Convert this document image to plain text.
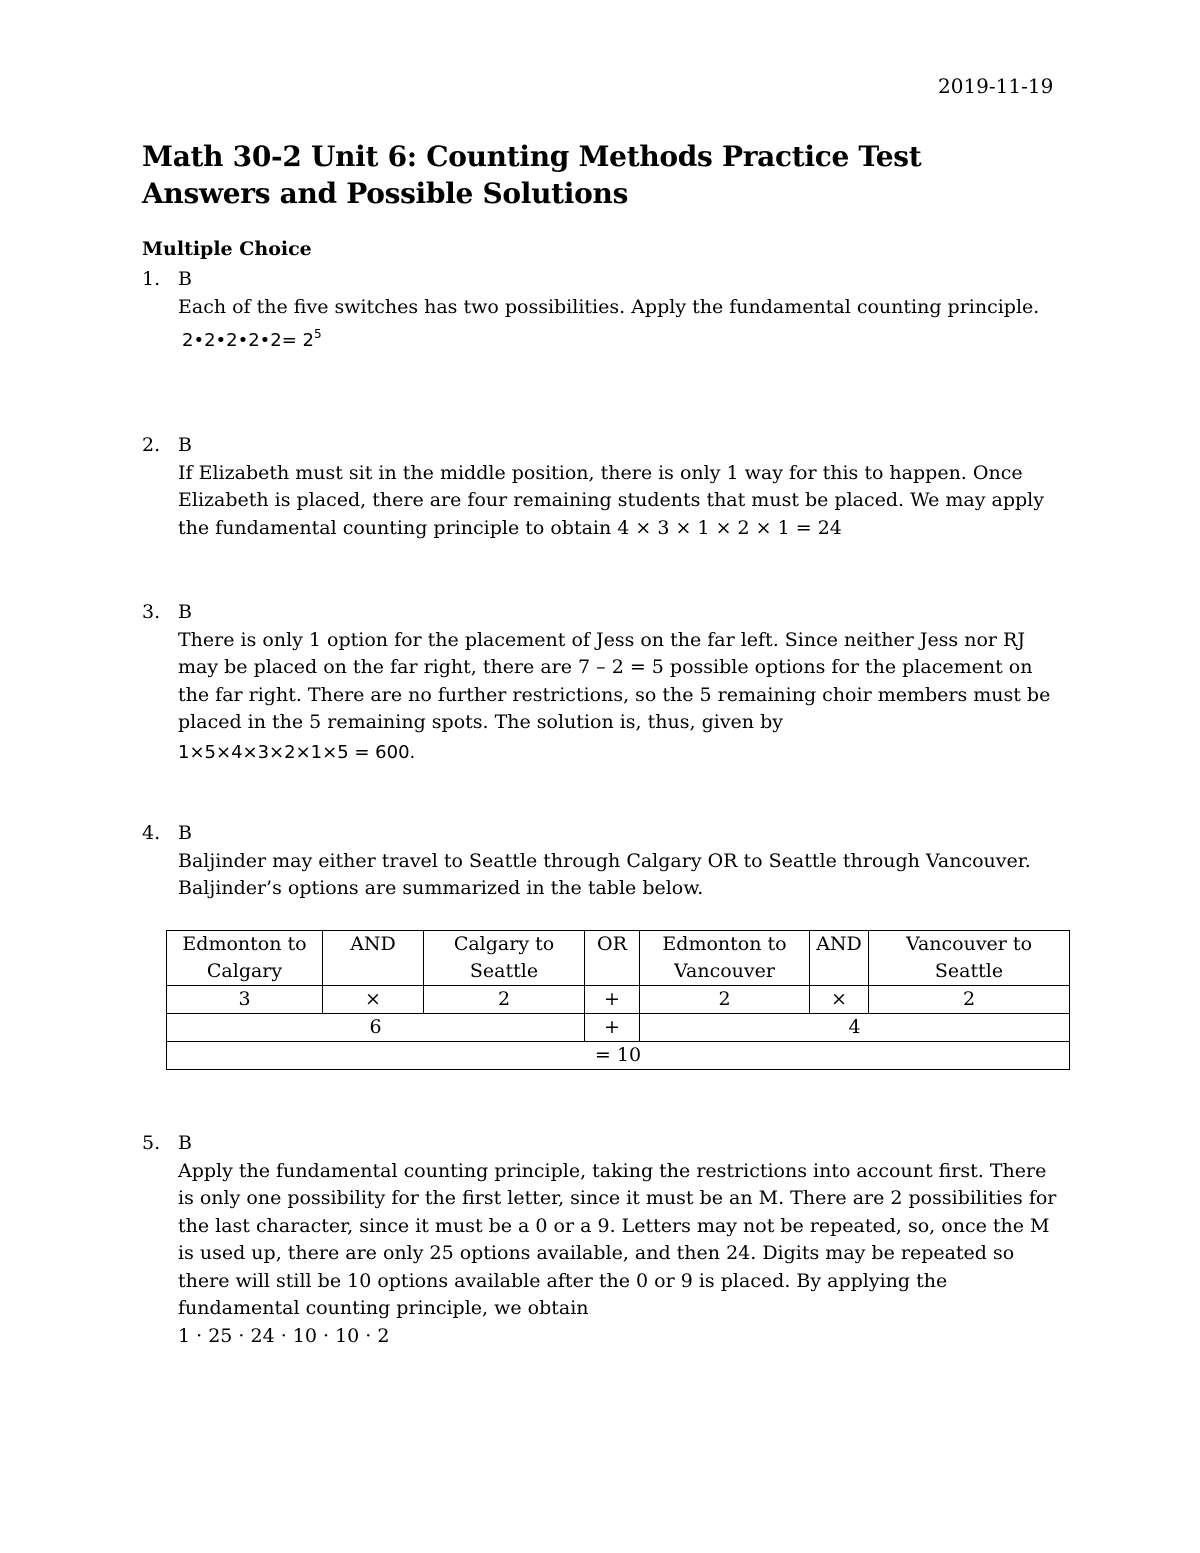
2019-11-19
Math 30-2 Unit 6: Counting Methods Practice Test
Answers and Possible Solutions
Multiple Choice
1. B
Each of the five switches has two possibilities. Apply the fundamental counting principle.
2•2•2•2•2= $2^5$
2. B
If Elizabeth must sit in the middle position, there is only 1 way for this to happen. Once Elizabeth is placed, there are four remaining students that must be placed. We may apply the fundamental counting principle to obtain 4 × 3 × 1 × 2 × 1 = 24
3. B
There is only 1 option for the placement of Jess on the far left. Since neither Jess nor RJ may be placed on the far right, there are 7 – 2 = 5 possible options for the placement on the far right. There are no further restrictions, so the 5 remaining choir members must be placed in the 5 remaining spots. The solution is, thus, given by
1×5×4×3×2×1×5 = 600.
4. B
Baljinder may either travel to Seattle through Calgary OR to Seattle through Vancouver. Baljinder’s options are summarized in the table below.
Edmonton to Calgary	AND	Calgary to Seattle	OR	Edmonton to Vancouver	AND	Vancouver to Seattle
3	×	2	+	2	×	2
6			+	4		
= 10						
5. B
Apply the fundamental counting principle, taking the restrictions into account first. There is only one possibility for the first letter, since it must be an M. There are 2 possibilities for the last character, since it must be a 0 or a 9. Letters may not be repeated, so, once the M is used up, there are only 25 options available, and then 24. Digits may be repeated so there will still be 10 options available after the 0 or 9 is placed. By applying the fundamental counting principle, we obtain
1 · 25 · 24 · 10 · 10 · 2
